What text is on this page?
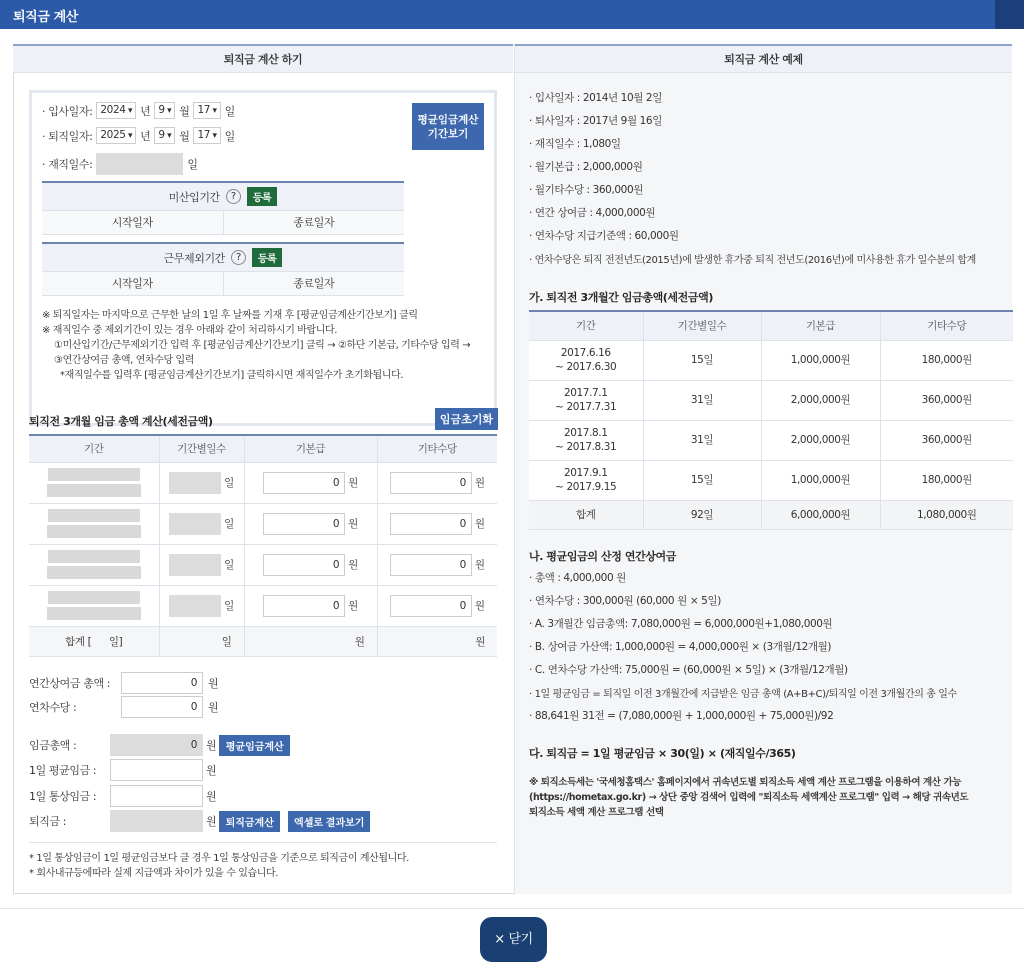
퇴직금 계산
퇴직금 계산 하기
· 입사일자: 2024 ▾	년 9 ▾	월 17 ▾	일
· 퇴직일자: 2025 ▾	년 9 ▾	월 17 ▾	일
· 재직일수:	일
평균임금계산
기간보기
미산입기간	?	등록
시작일자	종료일자
근무제외기간	?	등록
시작일자	종료일자
※ 퇴직일자는 마지막으로 근무한 날의 1일 후 날짜를 기재 후 [평균임금계산기간보기] 클릭
※ 재직일수 중 제외기간이 있는 경우 아래와 같이 처리하시기 바랍니다.
①미산입기간/근무제외기간 입력 후 [평균임금계산기간보기] 클릭 → ②하단 기본급, 기타수당 입력 →
③연간상여금 총액, 연차수당 입력
*재직일수를 입력후 [평균임금계산기간보기] 클릭하시면 재직일수가 초기화됩니다.
퇴직전 3개월 임금 총액 계산(세전금액)	임금초기화
기간	기간별일수	기본급	기타수당

	일	0 원	0 원

	일	0 원	0 원

	일	0 원	0 원

	일	0 원	0 원
합계 [ 일]	일	원	원
연간상여금 총액 :	0	원
연차수당 :	0	원
임금총액 :	0 원 평균임금계산
1일 평균임금 :	원
1일 통상임금 :	원
퇴직금 :	원 퇴직금계산	엑셀로 결과보기
* 1일 통상임금이 1일 평균임금보다 클 경우 1일 통상임금을 기준으로 퇴직금이 계산됩니다.
* 회사내규등에따라 실제 지급액과 차이가 있을 수 있습니다.
퇴직금 계산 예제
· 입사일자 : 2014년 10월 2일
· 퇴사일자 : 2017년 9월 16일
· 재직일수 : 1,080일
· 월기본급 : 2,000,000원
· 월기타수당 : 360,000원
· 연간 상여금 : 4,000,000원
· 연차수당 지급기준액 : 60,000원
· 연차수당은 퇴직 전전년도(2015년)에 발생한 휴가중 퇴직 전년도(2016년)에 미사용한 휴가 일수분의 합계
가. 퇴직전 3개월간 임금총액(세전금액)
기간	기간별일수	기본급	기타수당

2017.6.16
~ 2017.6.30	15일	1,000,000원	180,000원

2017.7.1
~ 2017.7.31	31일	2,000,000원	360,000원

2017.8.1
~ 2017.8.31	31일	2,000,000원	360,000원

2017.9.1
~ 2017.9.15	15일	1,000,000원	180,000원
합계	92일	6,000,000원	1,080,000원
나. 평균임금의 산정 연간상여금
· 총액 : 4,000,000 원
· 연차수당 : 300,000원 (60,000 원 × 5일)
· A. 3개월간 임금총액: 7,080,000원 = 6,000,000원+1,080,000원
· B. 상여금 가산액: 1,000,000원 = 4,000,000원 × (3개월/12개월)
· C. 연차수당 가산액: 75,000원 = (60,000원 × 5일) × (3개월/12개월)
· 1일 평균임금 = 퇴직일 이전 3개월간에 지급받은 임금 총액 (A+B+C)/퇴직일 이전 3개월간의 총 일수
· 88,641원 31전 = (7,080,000원 + 1,000,000원 + 75,000원)/92
다. 퇴직금 = 1일 평균임금 × 30(일) × (재직일수/365)
※ 퇴직소득세는 '국세청홈택스' 홈페이지에서 귀속년도별 퇴직소득 세액 계산 프로그램을 이용하여 계산 가능
(https://hometax.go.kr) → 상단 중앙 검색어 입력에 "퇴직소득 세액계산 프로그램" 입력 → 해당 귀속년도
퇴직소득 세액 계산 프로그램 선택
× 닫기
